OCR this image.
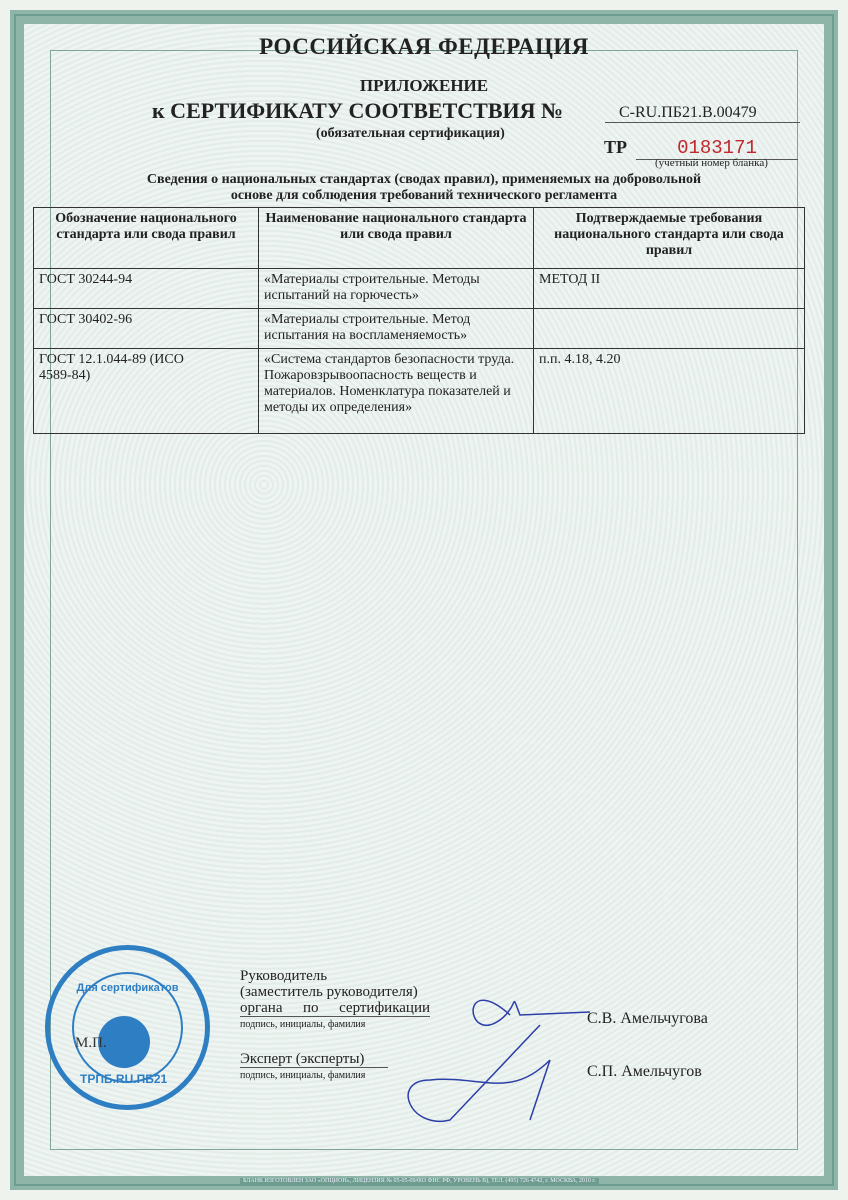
РОССИЙСКАЯ ФЕДЕРАЦИЯ
ПРИЛОЖЕНИЕ
к СЕРТИФИКАТУ СООТВЕТСТВИЯ №	C-RU.ПБ21.В.00479
(обязательная сертификация)
ТР	0183171
(учетный номер бланка)
Сведения о национальных стандартах (сводах правил), применяемых на добровольной
основе для соблюдения требований технического регламента
Обозначение национального стандарта или свода правил	Наименование национального стандарта или свода правил	Подтверждаемые требования национального стандарта или свода правил
ГОСТ 30244-94	«Материалы строительные. Методы испытаний на горючесть»	МЕТОД II
ГОСТ 30402-96	«Материалы строительные. Метод испытания на воспламеняемость»	
ГОСТ 12.1.044-89 (ИСО 4589-84)	«Система стандартов безопасности труда. Пожаровзрывоопасность веществ и материалов. Номенклатура показателей и методы их определения»	п.п. 4.18, 4.20
Для сертификатов
ТРПБ.RU.ПБ21
М.П.
Руководитель
(заместитель руководителя)
органа по сертификации
подпись, инициалы, фамилия	С.В. Амельчугова
Эксперт (эксперты)
подпись, инициалы, фамилия	С.П. Амельчугов
БЛАНК ИЗГОТОВЛЕН ЗАО «ОПЦИОН», ЛИЦЕНЗИЯ № 05-05-09/003 ФНС РФ, УРОВЕНЬ В), ТЕЛ. (495) 726 4742, г. МОСКВА, 2010 г.
